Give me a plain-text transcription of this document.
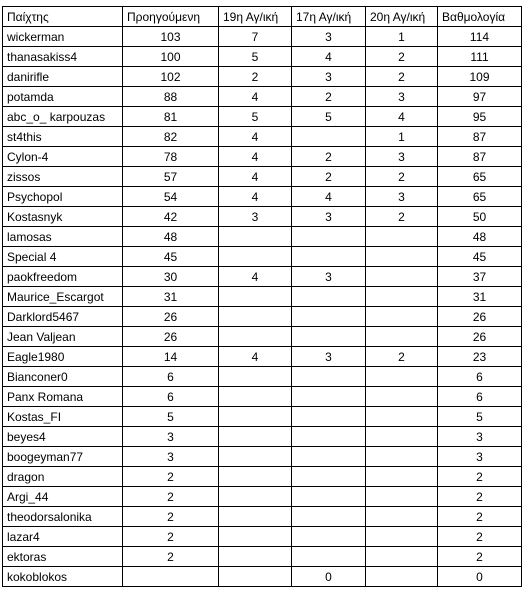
Παίχτης	Προηγούμενη	19η Αγ/ική	17η Αγ/ική	20η Αγ/ική	Βαθμολογία
wickerman	103	7	3	1	114
thanasakiss4	100	5	4	2	111
danirifle	102	2	3	2	109
potamda	88	4	2	3	97
abc_o_ karpouzas	81	5	5	4	95
st4this	82	4		1	87
Cylon-4	78	4	2	3	87
zissos	57	4	2	2	65
Psychopol	54	4	4	3	65
Kostasnyk	42	3	3	2	50
lamosas	48				48
Special 4	45				45
paokfreedom	30	4	3		37
Maurice_Escargot	31				31
Darklord5467	26				26
Jean Valjean	26				26
Eagle1980	14	4	3	2	23
Bianconer0	6				6
Panx Romana	6				6
Kostas_FI	5				5
beyes4	3				3
boogeyman77	3				3
dragon	2				2
Argi_44	2				2
theodorsalonika	2				2
lazar4	2				2
ektoras	2				2
kokoblokos			0		0
